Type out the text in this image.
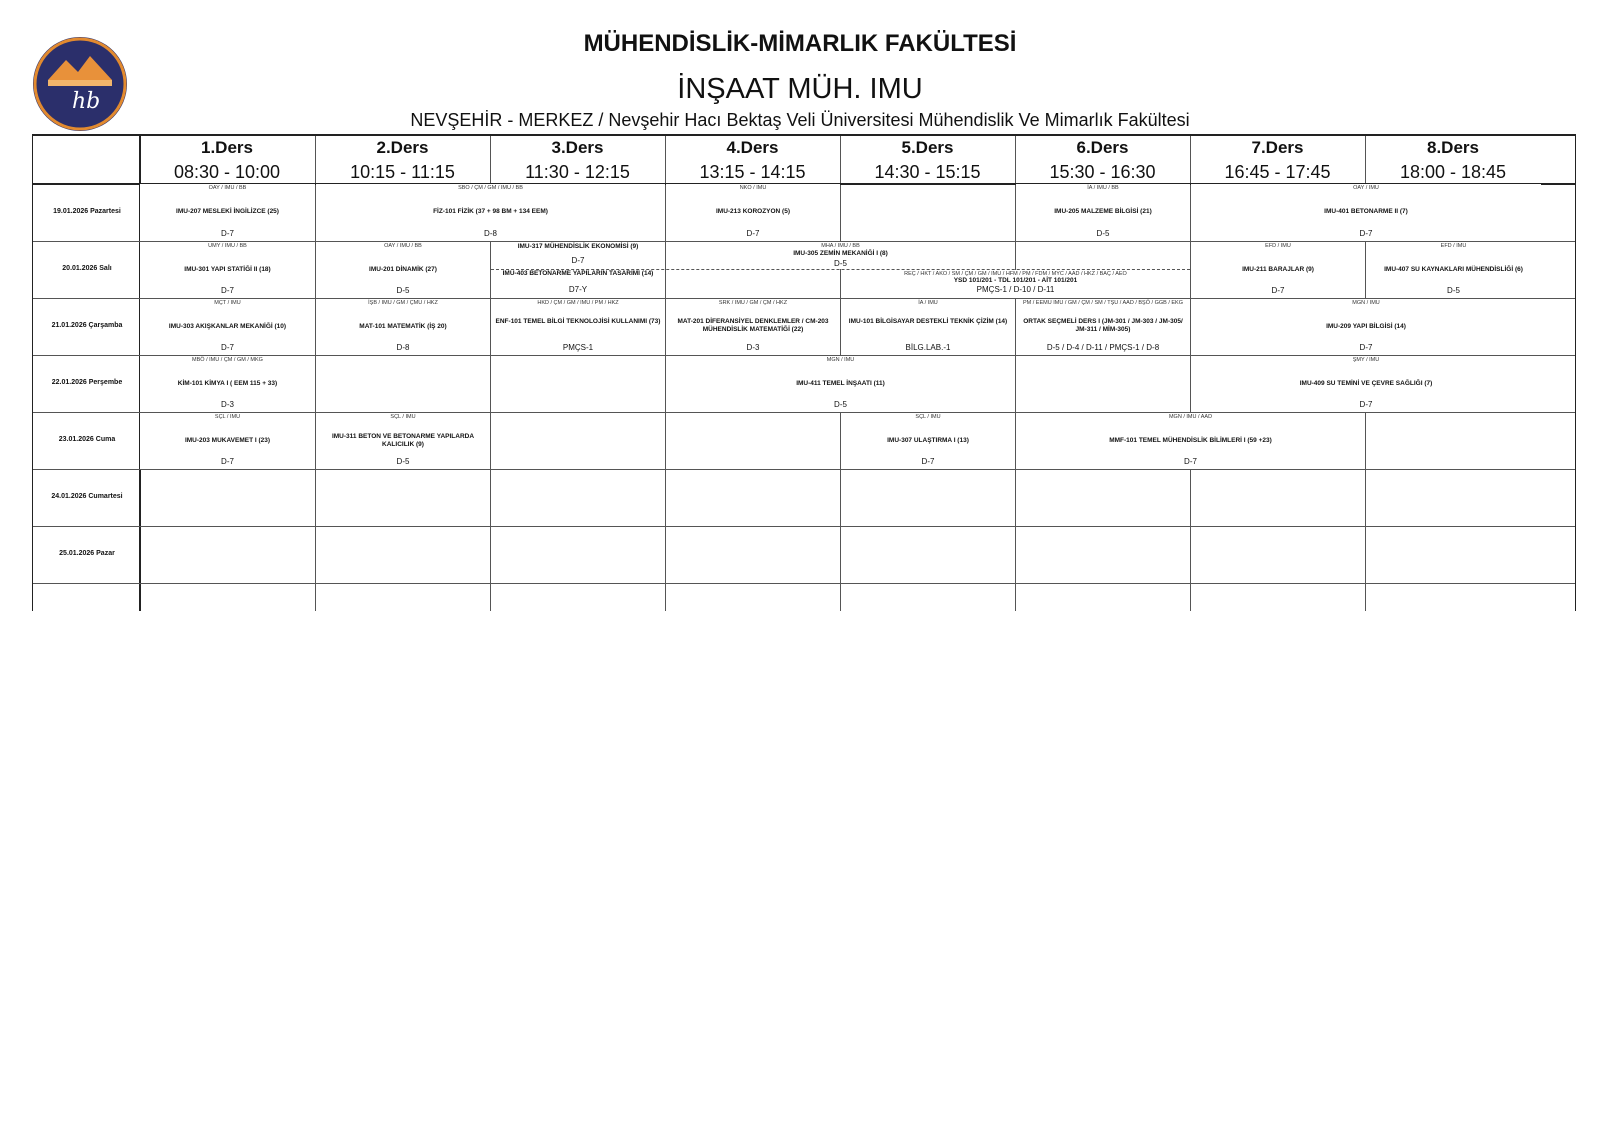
hb
MÜHENDİSLİK-MİMARLIK FAKÜLTESİ
İNŞAAT MÜH. IMU
NEVŞEHİR - MERKEZ / Nevşehir Hacı Bektaş Veli Üniversitesi Mühendislik Ve Mimarlık Fakültesi
1.Ders
08:30 - 10:00
2.Ders
10:15 - 11:15
3.Ders
11:30 - 12:15
4.Ders
13:15 - 14:15
5.Ders
14:30 - 15:15
6.Ders
15:30 - 16:30
7.Ders
16:45 - 17:45
8.Ders
18:00 - 18:45
19.01.2026 Pazartesi
20.01.2026 Salı
21.01.2026 Çarşamba
22.01.2026 Perşembe
23.01.2026 Cuma
24.01.2026 Cumartesi
25.01.2026 Pazar
OAY / IMU / BB
IMU-207 MESLEKİ İNGİLİZCE (25)
D-7
SBO / ÇM / GM / IMU / BB
FİZ-101 FİZİK (37 + 98 BM + 134 EEM)
D-8
NKO / IMU
IMU-213 KOROZYON (5)
D-7
İA / IMU / BB
IMU-205 MALZEME BİLGİSİ (21)
D-5
OAY / IMU
IMU-401 BETONARME II (7)
D-7
UMY / IMU / BB
IMU-301 YAPI STATİĞİ II (18)
D-7
OAY / IMU / BB
IMU-201 DİNAMİK (27)
D-5
IMU-317 MÜHENDİSLİK EKONOMİSİ (9)
D-7
IMU-403 BETONARME YAPILARIN TASARIMI (14)
D7-Y
MHA / IMU / BB
IMU-305 ZEMİN MEKANİĞİ I (8)
D-5
REÇ / HKT / AKO / SM / ÇM / GM / IMU / HFM / PM / FDM / MYC / AAD / HKZ / BAÇ / AEO
YSD 101/201 - TDL 101/201 - AİT 101/201
PMÇS-1 / D-10 / D-11
EFD / IMU
IMU-211 BARAJLAR (9)
D-7
EFD / IMU
IMU-407 SU KAYNAKLARI MÜHENDİSLİĞİ (6)
D-5
MÇT / IMU
IMU-303 AKIŞKANLAR MEKANİĞİ (10)
D-7
İŞB / IMU / GM / ÇMU / HKZ
MAT-101 MATEMATİK (İŞ 20)
D-8
HKD / ÇM / GM / IMU / PM / HKZ
ENF-101 TEMEL BİLGİ TEKNOLOJİSİ KULLANIMI (73)
PMÇS-1
SRK / IMU / GM / ÇM / HKZ
MAT-201 DİFERANSİYEL DENKLEMLER / CM-203 MÜHENDİSLİK MATEMATİĞİ (22)
D-3
İA / IMU
IMU-101 BİLGİSAYAR DESTEKLİ TEKNİK ÇİZİM (14)
BİLG.LAB.-1
PM / EEMU IMU / GM / ÇM / SM / TŞU / AAD / BŞÖ / GGB / EKG
ORTAK SEÇMELİ DERS I (JM-301 / JM-303 / JM-305/ JM-311 / MİM-305)
D-5 / D-4 / D-11 / PMÇS-1 / D-8
MGN / IMU
IMU-209 YAPI BİLGİSİ (14)
D-7
MBÖ / IMU / ÇM / GM / MKG
KİM-101 KİMYA I ( EEM 115 + 33)
D-3
MGN / IMU
IMU-411 TEMEL İNŞAATI (11)
D-5
ŞMY / IMU
IMU-409 SU TEMİNİ VE ÇEVRE SAĞLIĞI (7)
D-7
SÇL / IMU
IMU-203 MUKAVEMET I (23)
D-7
SÇL / IMU
IMU-311 BETON VE BETONARME YAPILARDA KALICILIK (9)
D-5
SÇL / IMU
IMU-307 ULAŞTIRMA I (13)
D-7
MGN / IMU / AAD
MMF-101 TEMEL MÜHENDİSLİK BİLİMLERİ I (59 +23)
D-7
